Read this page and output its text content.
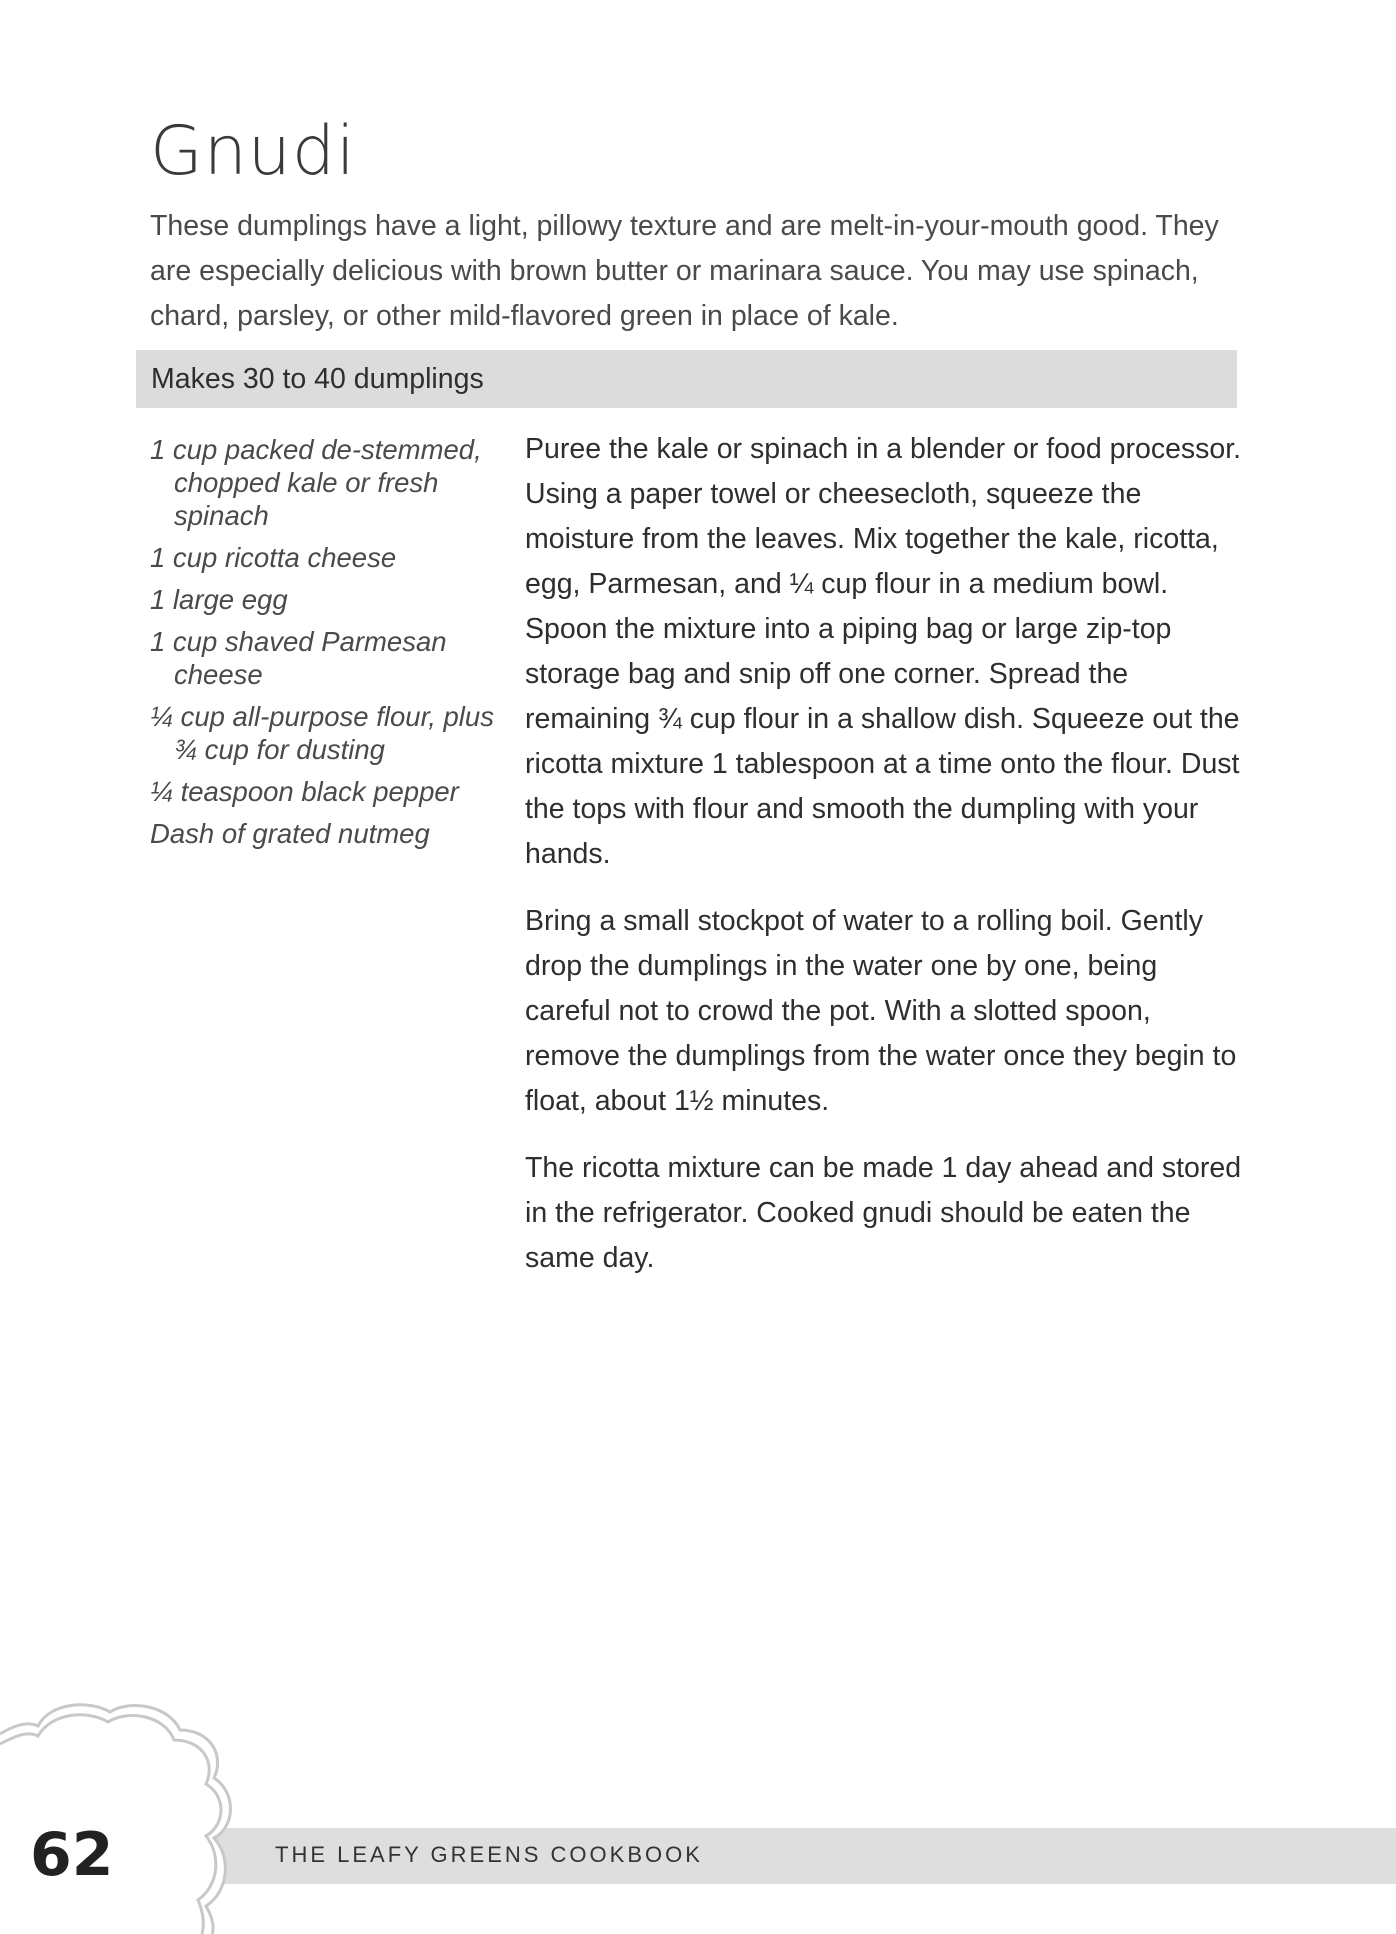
Gnudi

These dumplings have a light, pillowy texture and are melt-in-your-mouth good. They are especially delicious with brown butter or marinara sauce. You may use spinach, chard, parsley, or other mild-flavored green in place of kale.

Makes 30 to 40 dumplings
1 cup packed de-stemmed, chopped kale or fresh spinach
1 cup ricotta cheese
1 large egg
1 cup shaved Parmesan cheese
¼ cup all-purpose flour, plus ¾ cup for dusting
¼ teaspoon black pepper
Dash of grated nutmeg

Puree the kale or spinach in a blender or food processor. Using a paper towel or cheesecloth, squeeze the moisture from the leaves. Mix together the kale, ricotta, egg, Parmesan, and ¼ cup flour in a medium bowl. Spoon the mixture into a piping bag or large zip-top storage bag and snip off one corner. Spread the remaining ¾ cup flour in a shallow dish. Squeeze out the ricotta mixture 1 tablespoon at a time onto the flour. Dust the tops with flour and smooth the dumpling with your hands.

Bring a small stockpot of water to a rolling boil. Gently drop the dumplings in the water one by one, being careful not to crowd the pot. With a slotted spoon, remove the dumplings from the water once they begin to float, about 1½ minutes.

The ricotta mixture can be made 1 day ahead and stored in the refrigerator. Cooked gnudi should be eaten the same day.

THE LEAFY GREENS COOKBOOK
62
